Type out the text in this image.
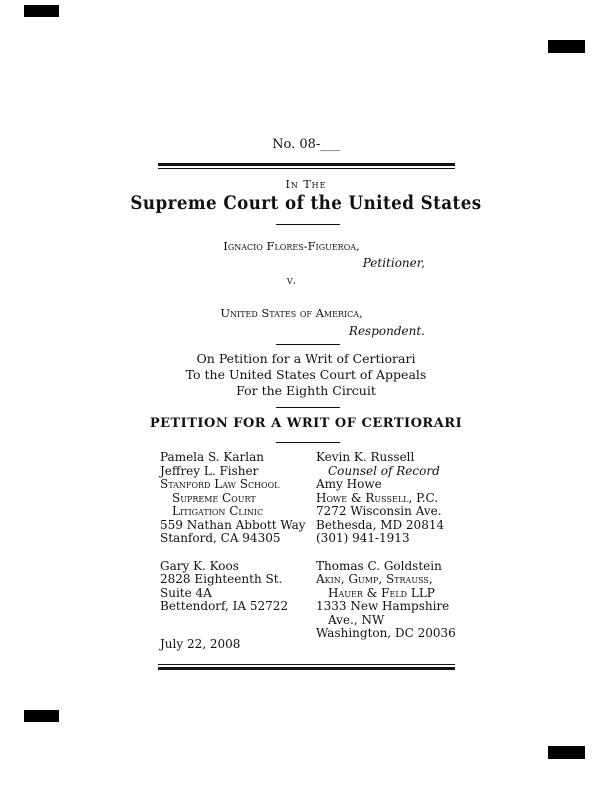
No. 08-___
In The
Supreme Court of the United States
Ignacio Flores-Figueroa,
Petitioner,
v.
United States of America,
Respondent.
On Petition for a Writ of Certiorari
To the United States Court of Appeals
For the Eighth Circuit
PETITION FOR A WRIT OF CERTIORARI
Pamela S. Karlan
Jeffrey L. Fisher
Stanford Law School
Supreme Court
Litigation Clinic
559 Nathan Abbott Way
Stanford, CA 94305
Gary K. Koos
2828 Eighteenth St.
Suite 4A
Bettendorf, IA 52722
Kevin K. Russell
Counsel of Record
Amy Howe
Howe & Russell, P.C.
7272 Wisconsin Ave.
Bethesda, MD 20814
(301) 941-1913
Thomas C. Goldstein
Akin, Gump, Strauss,
Hauer & Feld LLP
1333 New Hampshire
Ave., NW
Washington, DC 20036
July 22, 2008
